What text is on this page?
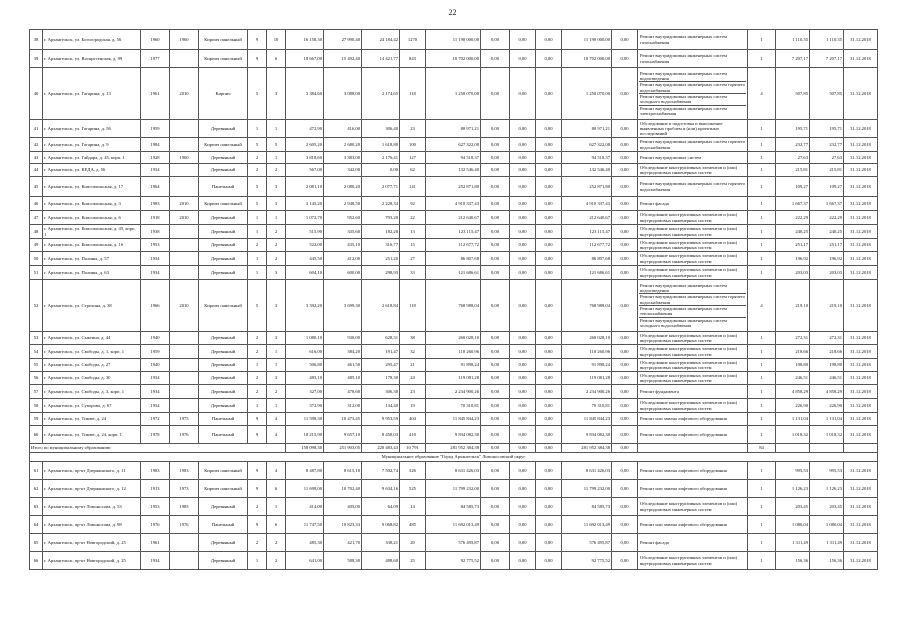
22
38	г. Архангельск, ул. Богогородская, д. 56	1960	1960	Кирпич панельный	9	10	16 158,30	27 990,40	24 184,42	1270	11 190 000,00	0,00	0,00	0,00	11 190 000,00	0,00	Ремонт внутридомовых инженерных систем газоснабжения	1	1 110,35	1 110,35	31.12.2018
39	г. Архангельск, ул. Воскресенская, д. 99	1977		Кирпич панельный	9	6	18 667,00	15 492,40	14 421,77	843	10 702 000,00	0,00	0,00	0,00	10 702 000,00	0,00	Ремонт внутридомовых инженерных систем газоснабжения	1	7 207,17	7 207,17	31.12.2018
40	г. Архангельск, ул. Гагарина, д. 13	1961	2010	Кирпич	5	3	3 384,60	3 088,00	2 174,65	118	1 250 070,00	0,00	0,00	0,00	1 250 070,00	0,00	Ремонт внутридомовых инженерных систем водоотведения
Ремонт внутридомовых инженерных систем горячего водоснабжения
Ремонт внутридомовых инженерных систем холодного водоснабжения
Ремонт внутридомовых инженерных систем электроснабжения	4	507,85	507,85	31.12.2018
41	г. Архангельск, ул. Гагарина, д. 56	1959		Деревянный	1	1	472,90	416,00	306,40	23	80 971,21	0,00	0,00	0,00	80 971,21	0,00	Обследование и подготовка и выполнение выявленных проблем и (или) проектных исследований	1	195,71	195,71	31.12.2018
42	г. Архангельск, ул. Гагарина, д. 9	1984		Кирпич панельный	5	5	2 605,20	2 680,20	1 618,80	100	627 322,08	0,00	0,00	0,00	627 322,08	0,00	Ремонт внутридомовых инженерных систем горячего водоснабжения	1	232,77	232,77	31.12.2018
43	г. Архангельск, ул. Гайдара, д. 45, корп. 1	1928	1960	Деревянный	2	1	3 818,60	3 383,00	2 176,41	127	94 518,37	0,00	0,00	0,00	94 518,37	0,00	Ремонт внутридомовых систем	1	27,63	27,63	31.12.2018
44	г. Архангельск, ул. КЕДА, д. 56	1934		Деревянный	2	2	567,00	342,00	0,00	62	132 546,40	0,00	0,00	0,00	132 546,40	0,00	Обследование конструктивных элементов и (или) внутридомовых инженерных систем	1	215,81	215,81	31.12.2018
45	г. Архангельск, ул. Комсомольская, д. 17	1964		Панельный	5	3	2 081,10	2 080,20	2 077,71	141	252 871,80	0,00	0,00	0,00	252 871,80	0,00	Ремонт внутридомовых инженерных систем горячего водоснабжения	1	109,27	109,27	31.12.2018
46	г. Архангельск, ул. Комсомольская, д. 3	1983	2010	Кирпич панельный	5	3	3 145,20	2 948,50	2 228,34	92	4 910 337,43	0,00	0,00	0,00	4 910 337,43	0,00	Ремонт фасада	1	1 667,37	1 667,37	31.12.2018
47	г. Архангельск, ул. Комсомольская, д. 6	1918	2010	Деревянный	1	1	1 072,70	952,60	793,20	22	212 640,67	0,00	0,00	0,00	212 640,67	0,00	Обследование конструктивных элементов и (или) внутридомовых инженерных систем	1	222,29	222,29	31.12.2018
48	г. Архангельск, ул. Комсомольская, д. 45, корп. 1	1938		Деревянный	1	2	515,90	335,60	182,20	13	123 115,47	0,00	0,00	0,00	123 115,47	0,00	Обследование конструктивных элементов и (или) внутридомовых инженерных систем	1	240,25	240,25	31.12.2018
49	г. Архангельск, ул. Комсомольская, д. 16	1953		Деревянный	2	2	522,00	435,10	316,77	15	112 677,72	0,00	0,00	0,00	112 677,72	0,00	Обследование конструктивных элементов и (или) внутридомовых инженерных систем	1	251,17	251,17	31.12.2018
50	г. Архангельск, ул. Полины, д. 57	1934		Деревянный	1	2	445,50	412,00	251,20	27	86 807,68	0,00	0,00	0,00	86 807,68	0,00	Обследование конструктивных элементов и (или) внутридомовых инженерных систем	1	196,92	196,92	31.12.2018
51	г. Архангельск, ул. Полины, д. 63	1934		Деревянный	1	3	604,10	600,00	298,93	33	121 686,61	0,00	0,00	0,00	121 686,61	0,00	Обследование конструктивных элементов и (или) внутридомовых инженерных систем	1	203,03	203,03	31.12.2018
52	г. Архангельск, ул. Стрелина, д. 38	1966	2010	Кирпич панельный	5	3	3 392,20	3 699,30	2 618,84	118	768 988,04	0,00	0,00	0,00	768 988,04	0,00	Ремонт внутридомовых инженерных систем водоотведения
Ремонт внутридомовых инженерных систем горячего водоснабжения
Ремонт внутридомовых инженерных систем теплоснабжения
Ремонт внутридомовых инженерных систем холодного водоснабжения	4	219,10	219,10	31.12.2018
53	г. Архангельск, ул. Сыктина, д. 44	1940		Деревянный	2	3	1 080,10	930,00	628,31	38	260 028,10	0,00	0,00	0,00	260 028,10	0,00	Обследование конструктивных элементов и (или) внутридомовых инженерных систем	1	272,31	272,31	31.12.2018
54	г. Архангельск, ул. Свободы, д. 1, корп. 1	1959		Деревянный	2	1	616,00	384,20	191,47	32	110 260,96	0,00	0,00	0,00	110 260,96	0,00	Обследование конструктивных элементов и (или) внутридомовых инженерных систем	1	218,66	218,66	31.12.2018
55	г. Архангельск, ул. Свободы, д. 27	1940		Деревянный	1	1	506,80	461,50	295,47	21	91 898,24	0,00	0,00	0,00	91 898,24	0,00	Обследование конструктивных элементов и (или) внутридомовых инженерных систем	1	198,80	198,80	31.12.2018
56	г. Архангельск, ул. Свободы, д. 30	1934		Деревянный	2	3	483,10	485,10	178,30	24	119 081,28	0,00	0,00	0,00	119 081,28	0,00	Обследование конструктивных элементов и (или) внутридомовых инженерных систем	1	246,51	246,51	31.12.2018
57	г. Архангельск, ул. Свободы, д. 3, корп. 1	1934		Деревянный	2	2	327,00	478,60	306,30	23	2 234 900,26	0,00	0,00	0,00	2 234 900,26	0,00	Ремонт фундамента	1	4 858,29	4 858,29	31.12.2018
58	г. Архангельск, ул. Суворова, д. 67	1954		Деревянный	1	1	372,90	312,00	134,40	19	70 310,81	0,00	0,00	0,00	70 310,81	0,00	Обследование конструктивных элементов и (или) внутридомовых инженерных систем	1	226,90	226,90	31.12.2018
59	г. Архангельск, ул. Тимме, д. 24	1972	1975	Панельный	9	4	11 598,30	10 473,45	9 953,59	404	11 845 844,23	0,00	0,00	0,00	11 845 844,23	0,00	Ремонт или замена лифтового оборудования	1	1 131,04	1 131,04	31.12.2018
60	г. Архангельск, ул. Тимме, д. 24, корп. 1	1978	1976	Панельный	9	4	10 215,90	9 657,10	8 458,03	410	9 834 082,30	0,00	0,00	0,00	9 834 082,30	0,00	Ремонт или замена лифтового оборудования	1	1 018,32	1 018,32	31.12.2018
Итого по муниципальному образованию:							158 098,30	251 903,05	220 483,43	10 791	281 952 384,38	0,00	0,00	0,00	281 952 384,38	0,00		84			
Муниципальное образование "Город Архангельск" Ломоносовский округ																					
61	г. Архангельск, пр-кт Дзержинского, д. 11	1983	1983	Кирпич панельный	9	4	8 487,80	8 615,10	7 502,74	326	8 631 426,03	0,00	0,00	0,00	8 631 426,03	0,00	Ремонт или замена лифтового оборудования	1	995,53	995,53	31.12.2018
62	г. Архангельск, пр-кт Дзержинского, д. 12	1913	1973	Кирпич панельный	9	6	11 699,00	10 702,40	9 634,16	525	11 799 232,00	0,00	0,00	0,00	11 799 232,00	0,00	Ремонт или замена лифтового оборудования	1	1 126,23	1 126,23	31.12.2018
63	г. Архангельск, пр-кт Ломоносова, д. 53	1953	1985	Деревянный	2	1	414,00	405,00	64,09	14	84 585,73	0,00	0,00	0,00	84 585,73	0,00	Обследование конструктивных элементов и (или) внутридомовых инженерных систем	1	203,45	203,45	31.12.2018
64	г. Архангельск, пр-кт Ломоносова, д. 98	1976	1976	Панельный	9	6	11 747,50	10 823,33	9 068,82	485	11 692 013,49	0,00	0,00	0,00	11 692 013,49	0,00	Ремонт или замена лифтового оборудования	1	1 080,04	1 080,04	31.12.2018
65	г. Архангельск, пр-кт Новгородский, д. 25	1961		Деревянный	2	2	485,30	421,70	338,21	20	576 495,87	0,00	0,00	0,00	576 495,87	0,00	Ремонт фасада	1	1 311,49	1 311,49	31.12.2018
66	г. Архангельск, пр-кт Новгородский, д. 25	1934		Деревянный	1	2	641,00	588,30	488,60	25	92 775,52	0,00	0,00	0,00	92 775,52	0,00	Обследование конструктивных элементов и (или) внутридомовых инженерных систем	1	156,36	156,36	31.12.2018
